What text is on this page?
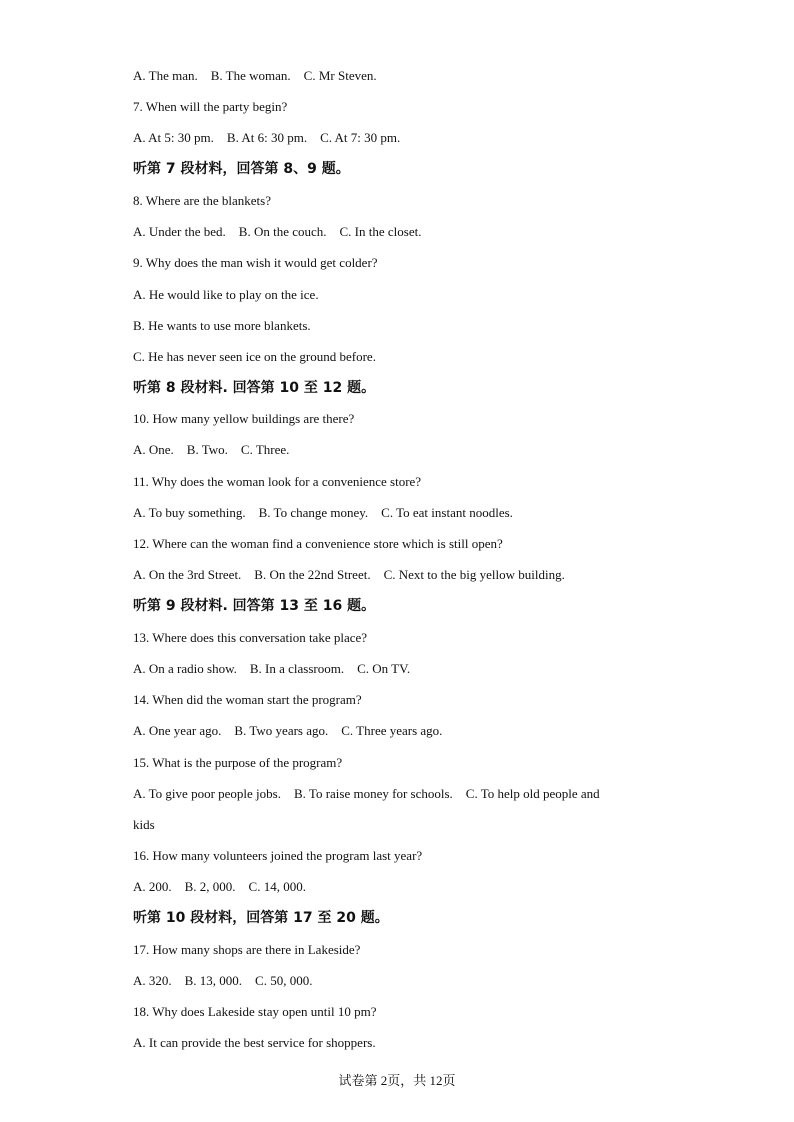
A. The man.    B. The woman.    C. Mr Steven.
7. When will the party begin?
A. At 5: 30 pm.    B. At 6: 30 pm.    C. At 7: 30 pm.
听第 7 段材料，回答第 8、9 题。
8. Where are the blankets?
A. Under the bed.    B. On the couch.    C. In the closet.
9. Why does the man wish it would get colder?
A. He would like to play on the ice.
B. He wants to use more blankets.
C. He has never seen ice on the ground before.
听第 8 段材料. 回答第 10 至 12 题。
10. How many yellow buildings are there?
A. One.    B. Two.    C. Three.
11. Why does the woman look for a convenience store?
A. To buy something.    B. To change money.    C. To eat instant noodles.
12. Where can the woman find a convenience store which is still open?
A. On the 3rd Street.    B. On the 22nd Street.    C. Next to the big yellow building.
听第 9 段材料. 回答第 13 至 16 题。
13. Where does this conversation take place?
A. On a radio show.    B. In a classroom.    C. On TV.
14. When did the woman start the program?
A. One year ago.    B. Two years ago.    C. Three years ago.
15. What is the purpose of the program?
A. To give poor people jobs.    B. To raise money for schools.    C. To help old people and
kids
16. How many volunteers joined the program last year?
A. 200.    B. 2, 000.    C. 14, 000.
听第 10 段材料，回答第 17 至 20 题。
17. How many shops are there in Lakeside?
A. 320.    B. 13, 000.    C. 50, 000.
18. Why does Lakeside stay open until 10 pm?
A. It can provide the best service for shoppers.
试卷第 2页，共 12页
